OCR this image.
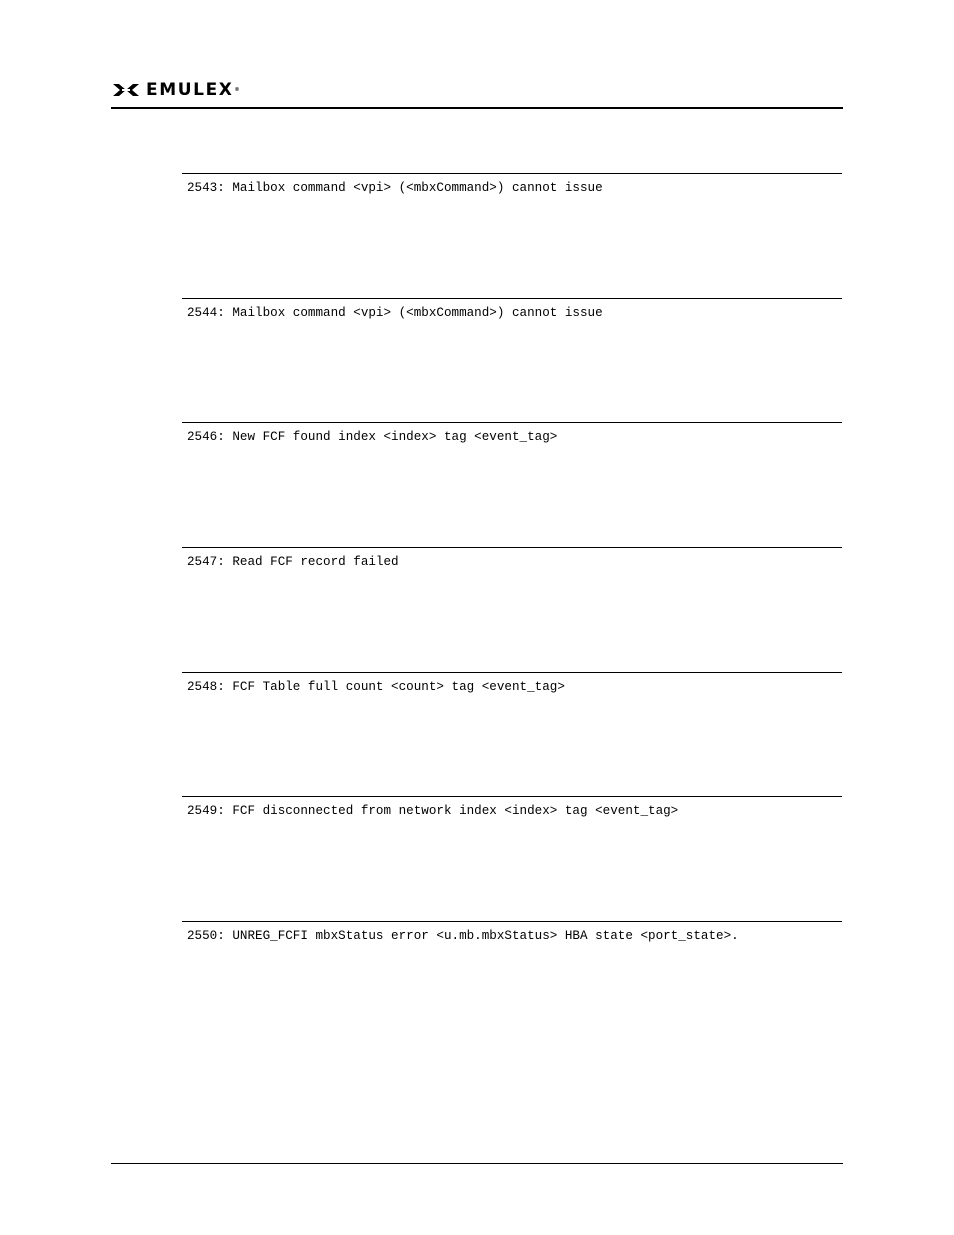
EMULEX®
2543: Mailbox command <vpi> (<mbxCommand>) cannot issue
2544: Mailbox command <vpi> (<mbxCommand>) cannot issue
2546: New FCF found index <index> tag <event_tag>
2547: Read FCF record failed
2548: FCF Table full count <count> tag <event_tag>
2549: FCF disconnected from network index <index> tag <event_tag>
2550: UNREG_FCFI mbxStatus error <u.mb.mbxStatus> HBA state <port_state>.
